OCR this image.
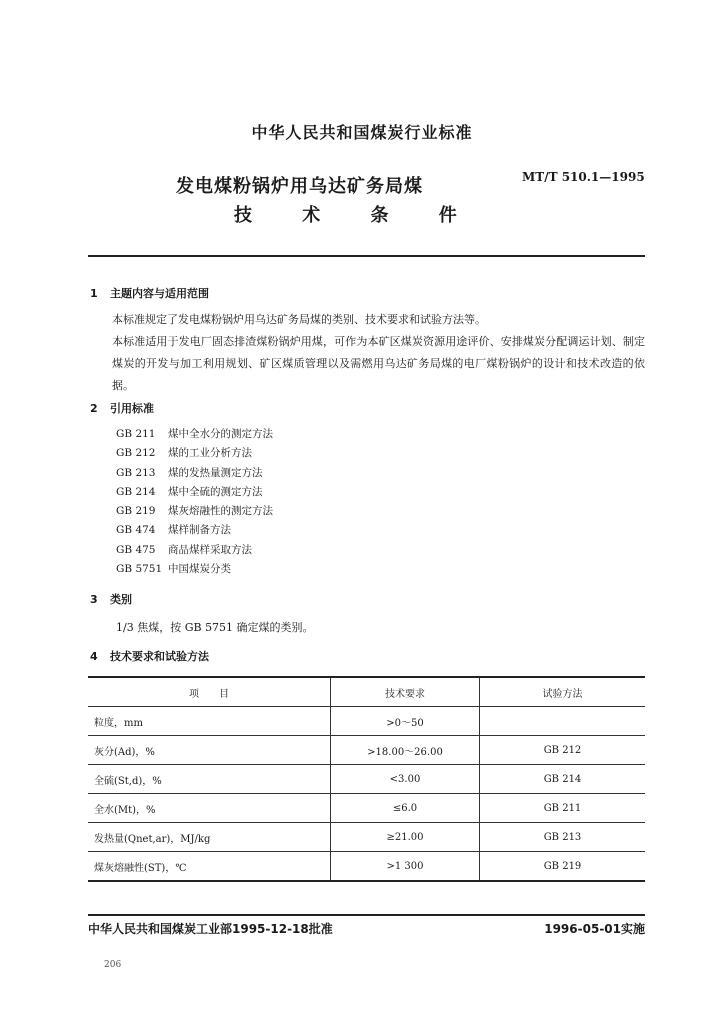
中华人民共和国煤炭行业标准
发电煤粉锅炉用乌达矿务局煤
技 术 条 件
MT/T 510.1—1995
1 主题内容与适用范围
本标准规定了发电煤粉锅炉用乌达矿务局煤的类别、技术要求和试验方法等。
本标准适用于发电厂固态排渣煤粉锅炉用煤，可作为本矿区煤炭资源用途评价、安排煤炭分配调运计划、制定煤炭的开发与加工利用规划、矿区煤质管理以及需燃用乌达矿务局煤的电厂煤粉锅炉的设计和技术改造的依据。
2 引用标准
GB 211 煤中全水分的测定方法
GB 212 煤的工业分析方法
GB 213 煤的发热量测定方法
GB 214 煤中全硫的测定方法
GB 219 煤灰熔融性的测定方法
GB 474 煤样制备方法
GB 475 商品煤样采取方法
GB 5751 中国煤炭分类
3 类别
1/3 焦煤，按 GB 5751 确定煤的类别。
4 技术要求和试验方法
项　　目	技术要求	试验方法
粒度，mm	>0～50	
灰分(Ad)，%	>18.00～26.00	GB 212
全硫(St,d)，%	<3.00	GB 214
全水(Mt)，%	≤6.0	GB 211
发热量(Qnet,ar)，MJ/kg	≥21.00	GB 213
煤灰熔融性(ST)，℃	>1 300	GB 219
中华人民共和国煤炭工业部1995-12-18批准	1996-05-01实施
206
